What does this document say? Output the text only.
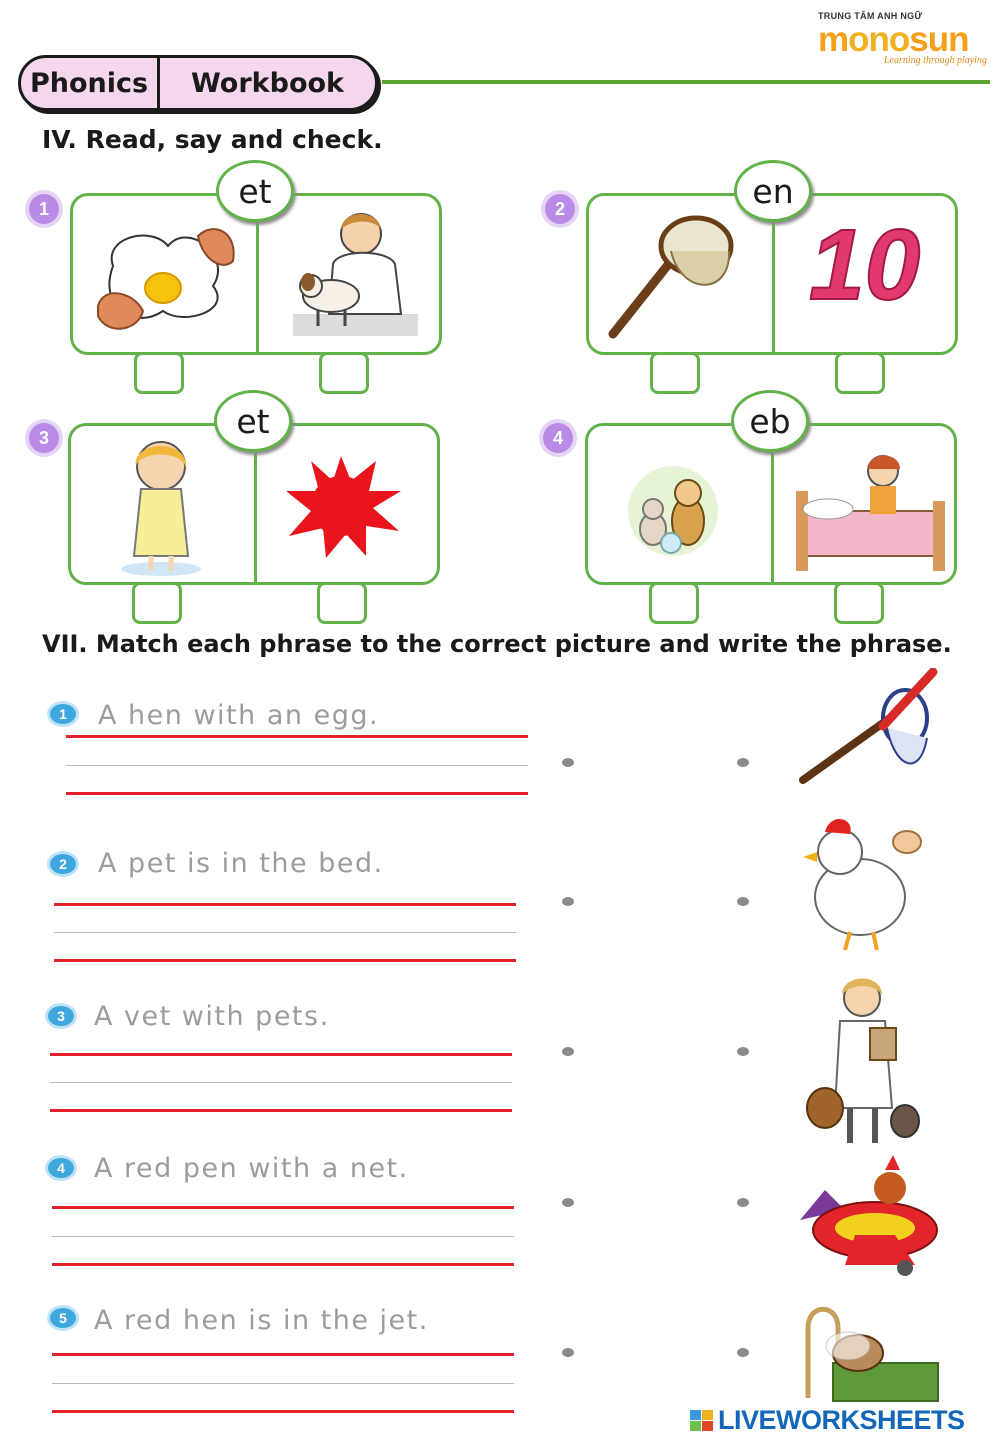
Phonics	Workbook
TRUNG TÂM ANH NGỮ
monosun
Learning through playing
IV. Read, say and check.
1	et	2
10
en
3	et	4	eb
VII. Match each phrase to the correct picture and write the phrase.
1	A hen with an egg.
2	A pet is in the bed.
3	A vet with pets.
4	A red pen with a net.
5	A red hen is in the jet.
LIVEWORKSHEETS
